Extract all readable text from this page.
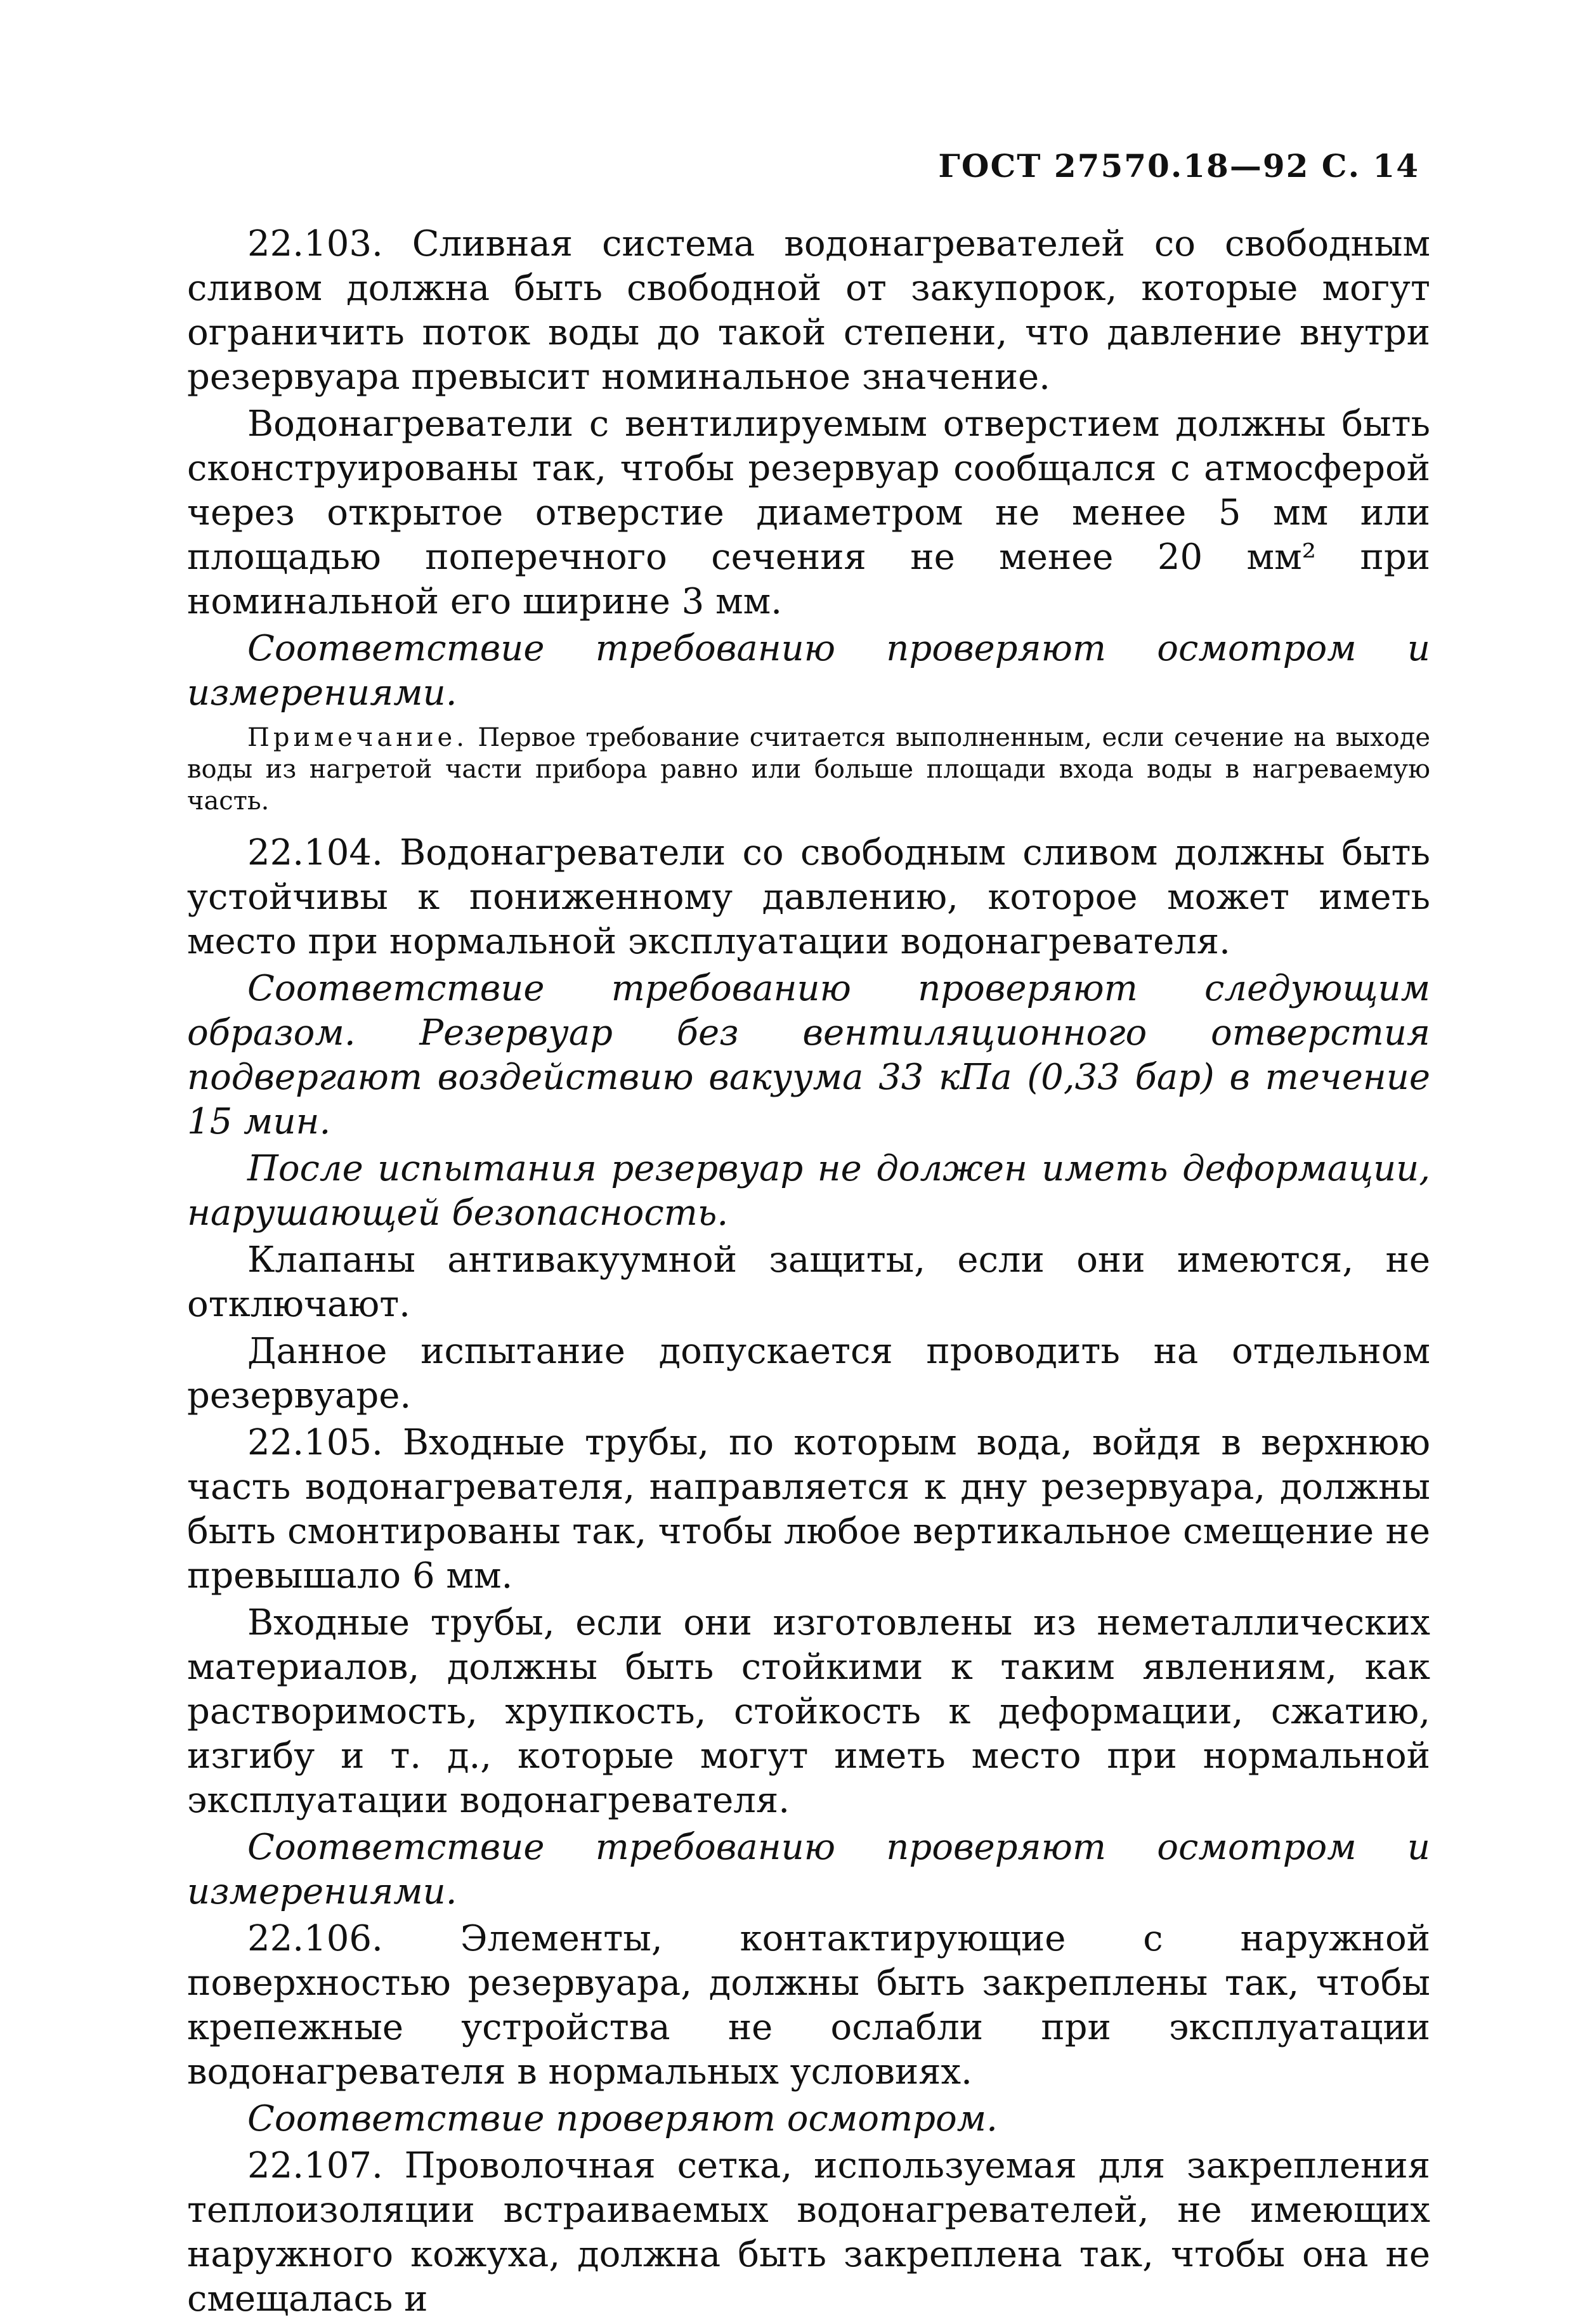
ГОСТ 27570.18—92 С. 14

22.103. Сливная система водонагревателей со свободным сливом должна быть свободной от закупорок, которые могут ограничить поток воды до такой степени, что давление внутри резервуара превысит номинальное значение.

Водонагреватели с вентилируемым отверстием должны быть сконструированы так, чтобы резервуар сообщался с атмосферой через открытое отверстие диаметром не менее 5 мм или площадью поперечного сечения не менее 20 мм² при номинальной его ширине 3 мм.

Соответствие требованию проверяют осмотром и измерениями.

Примечание. Первое требование считается выполненным, если сечение на выходе воды из нагретой части прибора равно или больше площади входа воды в нагреваемую часть.

22.104. Водонагреватели со свободным сливом должны быть устойчивы к пониженному давлению, которое может иметь место при нормальной эксплуатации водонагревателя.

Соответствие требованию проверяют следующим образом. Резервуар без вентиляционного отверстия подвергают воздействию вакуума 33 кПа (0,33 бар) в течение 15 мин.

После испытания резервуар не должен иметь деформации, нарушающей безопасность.

Клапаны антивакуумной защиты, если они имеются, не отключают.

Данное испытание допускается проводить на отдельном резервуаре.

22.105. Входные трубы, по которым вода, войдя в верхнюю часть водонагревателя, направляется к дну резервуара, должны быть смонтированы так, чтобы любое вертикальное смещение не превышало 6 мм.

Входные трубы, если они изготовлены из неметаллических материалов, должны быть стойкими к таким явлениям, как растворимость, хрупкость, стойкость к деформации, сжатию, изгибу и т. д., которые могут иметь место при нормальной эксплуатации водонагревателя.

Соответствие требованию проверяют осмотром и измерениями.

22.106. Элементы, контактирующие с наружной поверхностью резервуара, должны быть закреплены так, чтобы крепежные устройства не ослабли при эксплуатации водонагревателя в нормальных условиях.

Соответствие проверяют осмотром.

22.107. Проволочная сетка, используемая для закрепления теплоизоляции встраиваемых водонагревателей, не имеющих наружного кожуха, должна быть закреплена так, чтобы она не смещалась и
